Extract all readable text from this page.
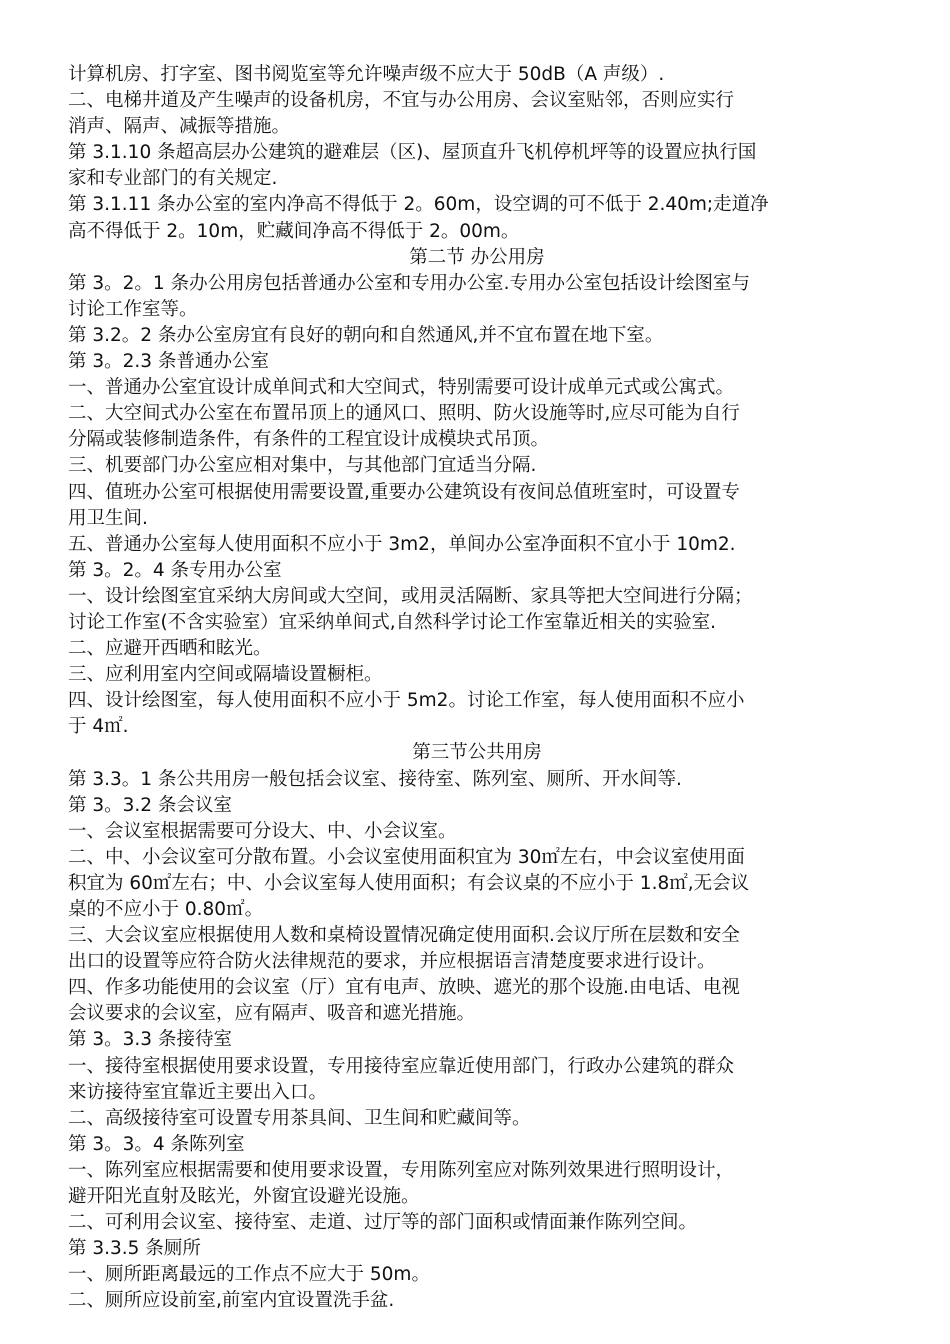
计算机房、打字室、图书阅览室等允许噪声级不应大于 50dB（A 声级）.
二、电梯井道及产生噪声的设备机房，不宜与办公用房、会议室贴邻，否则应实行
消声、隔声、减振等措施。
第 3.1.10 条超高层办公建筑的避难层（区)、屋顶直升飞机停机坪等的设置应执行国
家和专业部门的有关规定.
第 3.1.11 条办公室的室内净高不得低于 2。60m，设空调的可不低于 2.40m;走道净
高不得低于 2。10m，贮藏间净高不得低于 2。00m。
第二节 办公用房
第 3。2。1 条办公用房包括普通办公室和专用办公室.专用办公室包括设计绘图室与
讨论工作室等。
第 3.2。2 条办公室房宜有良好的朝向和自然通风,并不宜布置在地下室。
第 3。2.3 条普通办公室
一、普通办公室宜设计成单间式和大空间式，特别需要可设计成单元式或公寓式。
二、大空间式办公室在布置吊顶上的通风口、照明、防火设施等时,应尽可能为自行
分隔或装修制造条件，有条件的工程宜设计成模块式吊顶。
三、机要部门办公室应相对集中，与其他部门宜适当分隔.
四、值班办公室可根据使用需要设置,重要办公建筑设有夜间总值班室时，可设置专
用卫生间.
五、普通办公室每人使用面积不应小于 3m2，单间办公室净面积不宜小于 10m2.
第 3。2。4 条专用办公室
一、设计绘图室宜采纳大房间或大空间，或用灵活隔断、家具等把大空间进行分隔；
讨论工作室(不含实验室）宜采纳单间式,自然科学讨论工作室靠近相关的实验室.
二、应避开西晒和眩光。
三、应利用室内空间或隔墙设置橱柜。
四、设计绘图室，每人使用面积不应小于 5m2。讨论工作室，每人使用面积不应小
于 4㎡.
第三节公共用房
第 3.3。1 条公共用房一般包括会议室、接待室、陈列室、厕所、开水间等.
第 3。3.2 条会议室
一、会议室根据需要可分设大、中、小会议室。
二、中、小会议室可分散布置。小会议室使用面积宜为 30㎡左右，中会议室使用面
积宜为 60㎡左右；中、小会议室每人使用面积；有会议桌的不应小于 1.8㎡,无会议
桌的不应小于 0.80㎡。
三、大会议室应根据使用人数和桌椅设置情况确定使用面积.会议厅所在层数和安全
出口的设置等应符合防火法律规范的要求，并应根据语言清楚度要求进行设计。
四、作多功能使用的会议室（厅）宜有电声、放映、遮光的那个设施.由电话、电视
会议要求的会议室，应有隔声、吸音和遮光措施。
第 3。3.3 条接待室
一、接待室根据使用要求设置，专用接待室应靠近使用部门，行政办公建筑的群众
来访接待室宜靠近主要出入口。
二、高级接待室可设置专用茶具间、卫生间和贮藏间等。
第 3。3。4 条陈列室
一、陈列室应根据需要和使用要求设置，专用陈列室应对陈列效果进行照明设计，
避开阳光直射及眩光，外窗宜设避光设施。
二、可利用会议室、接待室、走道、过厅等的部门面积或情面兼作陈列空间。
第 3.3.5 条厕所
一、厕所距离最远的工作点不应大于 50m。
二、厕所应设前室,前室内宜设置洗手盆.
